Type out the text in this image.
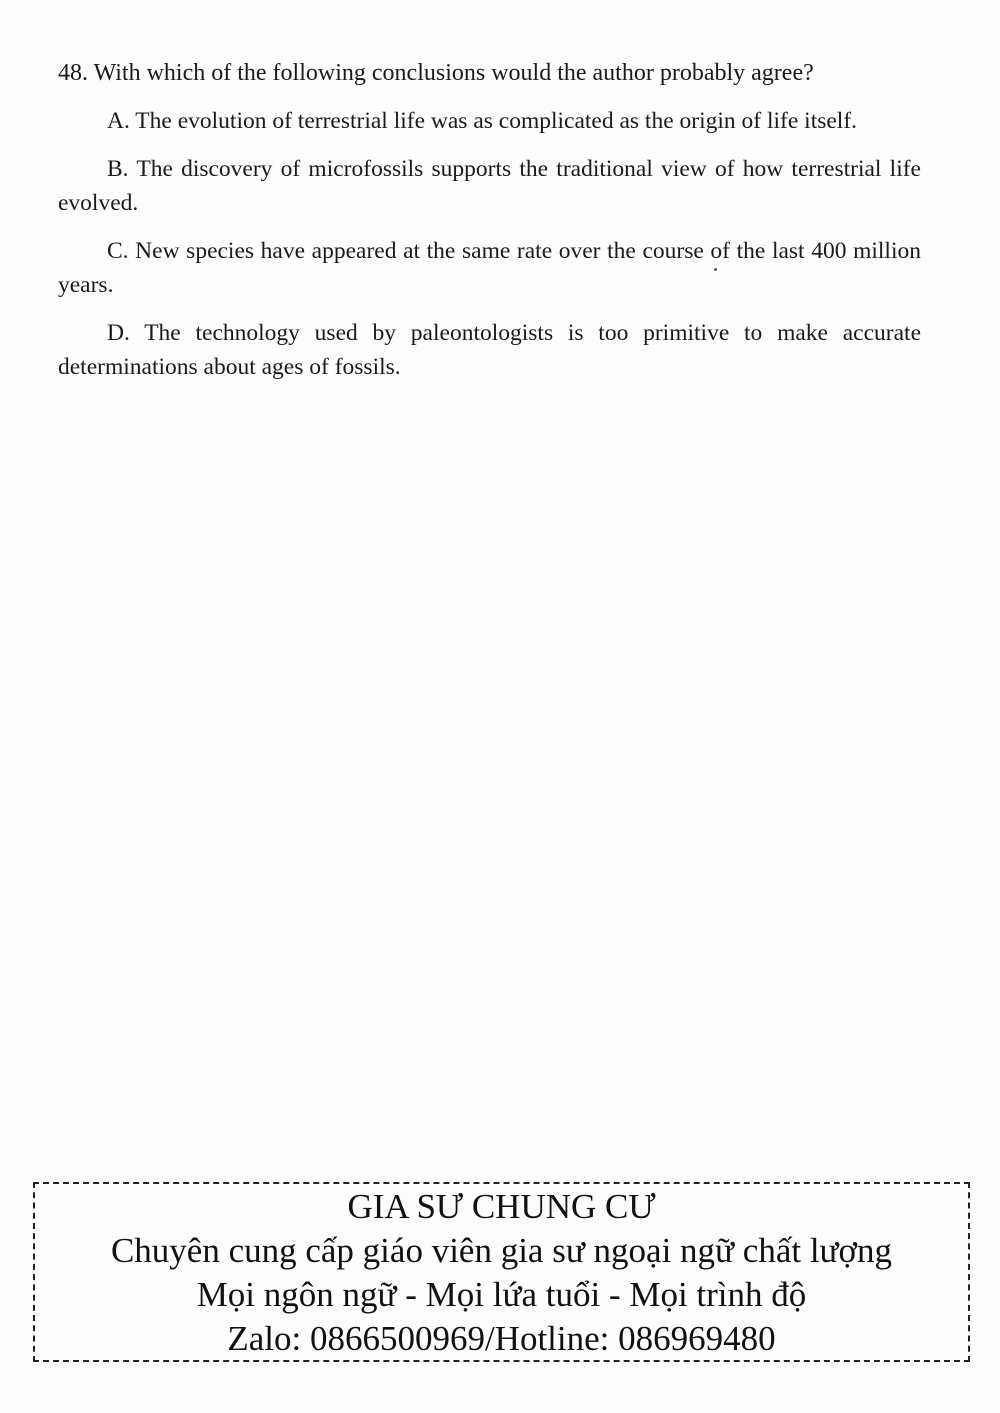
48. With which of the following conclusions would the author probably agree?

A. The evolution of terrestrial life was as complicated as the origin of life itself.

B. The discovery of microfossils supports the traditional view of how terrestrial life evolved.

C. New species have appeared at the same rate over the course of the last 400 million years.

D. The technology used by paleontologists is too primitive to make accurate determinations about ages of fossils.

GIA SƯ CHUNG CƯ

Chuyên cung cấp giáo viên gia sư ngoại ngữ chất lượng

Mọi ngôn ngữ - Mọi lứa tuổi - Mọi trình độ

Zalo: 0866500969/Hotline: 086969480
